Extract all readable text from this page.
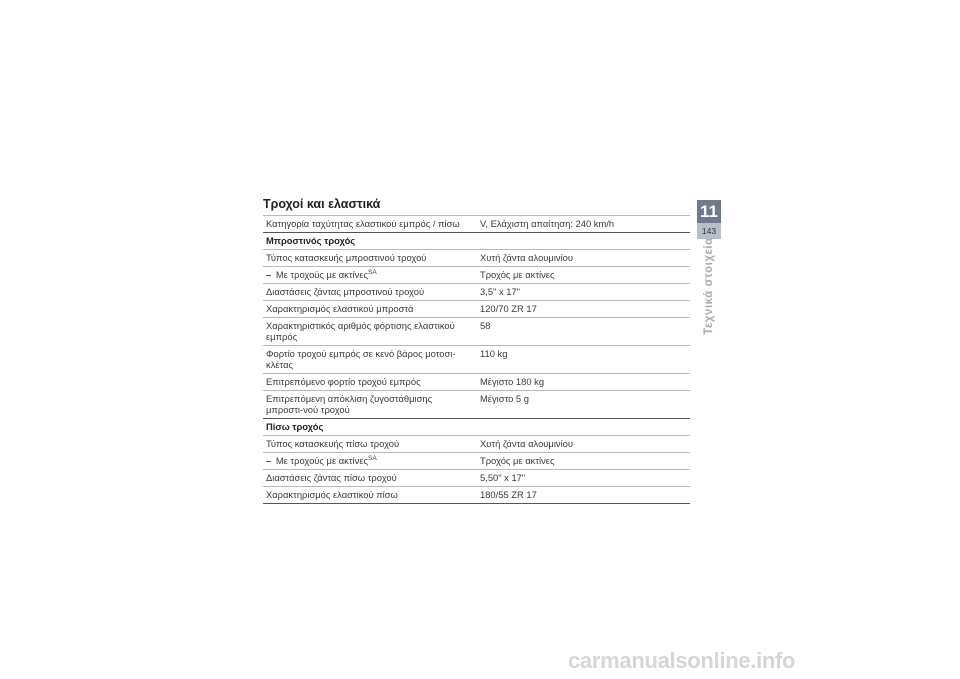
Τροχοί και ελαστικά
Κατηγορία ταχύτητας ελαστικού εμπρός / πίσω	V, Ελάχιστη απαίτηση: 240 km/h
Μπροστινός τροχός	
Τύπος κατασκευής μπροστινού τροχού	Χυτή ζάντα αλουμινίου
– Με τροχούς με ακτίνες$^{SA}$	Τροχός με ακτίνες
Διαστάσεις ζάντας μπροστινού τροχού	3,5" x 17"
Χαρακτηρισμός ελαστικού μπροστά	120/70 ZR 17
Χαρακτηριστικός αριθμός φόρτισης ελαστικού εμπρός	58
Φορτίο τροχού εμπρός σε κενό βάρος μοτοσι-κλέτας	110 kg
Επιτρεπόμενο φορτίο τροχού εμπρός	Μέγιστο 180 kg
Επιτρεπόμενη απόκλιση ζυγοστάθμισης μπροστι-νού τροχού	Μέγιστο 5 g
Πίσω τροχός	
Τύπος κατασκευής πίσω τροχού	Χυτή ζάντα αλουμινίου
– Με τροχούς με ακτίνες$^{SA}$	Τροχός με ακτίνες
Διαστάσεις ζάντας πίσω τροχού	5,50" x 17"
Χαρακτηρισμός ελαστικού πίσω	180/55 ZR 17
11
143
Τεχνικά στοιχεία
carmanualsonline.info
